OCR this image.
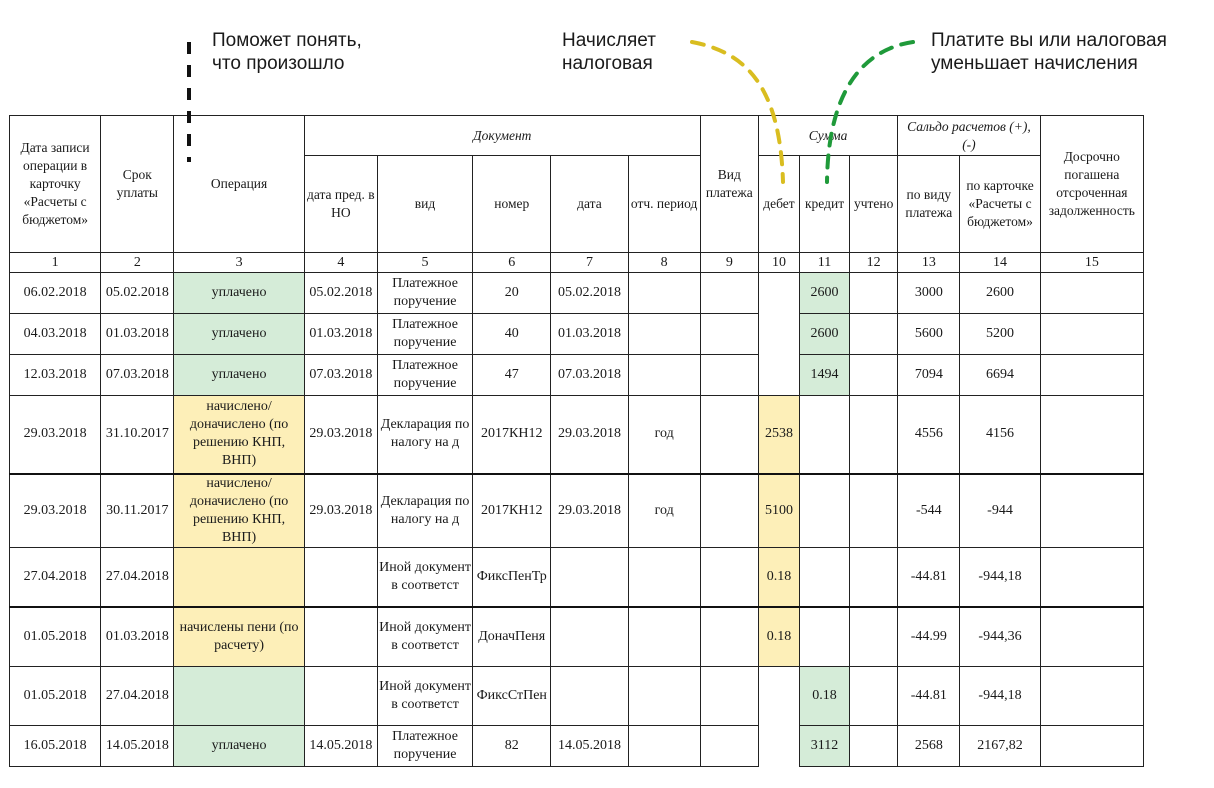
Поможет понять,
что произошло
Начисляет
налоговая
Платите вы или налоговая
уменьшает начисления
Дата записи операции в карточку «Расчеты с бюджетом»	Срок уплаты	Операция	Документ					Вид платежа	Сумма			Сальдо расчетов (+), (-)		Досрочно погашена отсроченная задолженность
			дата пред. в НО	вид	номер	дата	отч. период		дебет	кредит	учтено	по виду платежа	по карточке «Расчеты с бюджетом»	
1	2	3	4	5	6	7	8	9	10	11	12	13	14	15
06.02.2018	05.02.2018	уплачено	05.02.2018	Платежное поручение	20	05.02.2018				2600		3000	2600	
04.03.2018	01.03.2018	уплачено	01.03.2018	Платежное поручение	40	01.03.2018				2600		5600	5200	
12.03.2018	07.03.2018	уплачено	07.03.2018	Платежное поручение	47	07.03.2018				1494		7094	6694	
29.03.2018	31.10.2017	начислено/ доначислено (по решению КНП, ВНП)	29.03.2018	Декларация по налогу на д	2017КН12	29.03.2018	год		2538			4556	4156	
29.03.2018	30.11.2017	начислено/ доначислено (по решению КНП, ВНП)	29.03.2018	Декларация по налогу на д	2017КН12	29.03.2018	год		5100			-544	-944	
27.04.2018	27.04.2018			Иной документ в соответст	ФиксПенТр				0.18			-44.81	-944,18	
01.05.2018	01.03.2018	начислены пени (по расчету)		Иной документ в соответст	ДоначПеня				0.18			-44.99	-944,36	
01.05.2018	27.04.2018			Иной документ в соответст	ФиксСтПен					0.18		-44.81	-944,18	
16.05.2018	14.05.2018	уплачено	14.05.2018	Платежное поручение	82	14.05.2018				3112		2568	2167,82	
